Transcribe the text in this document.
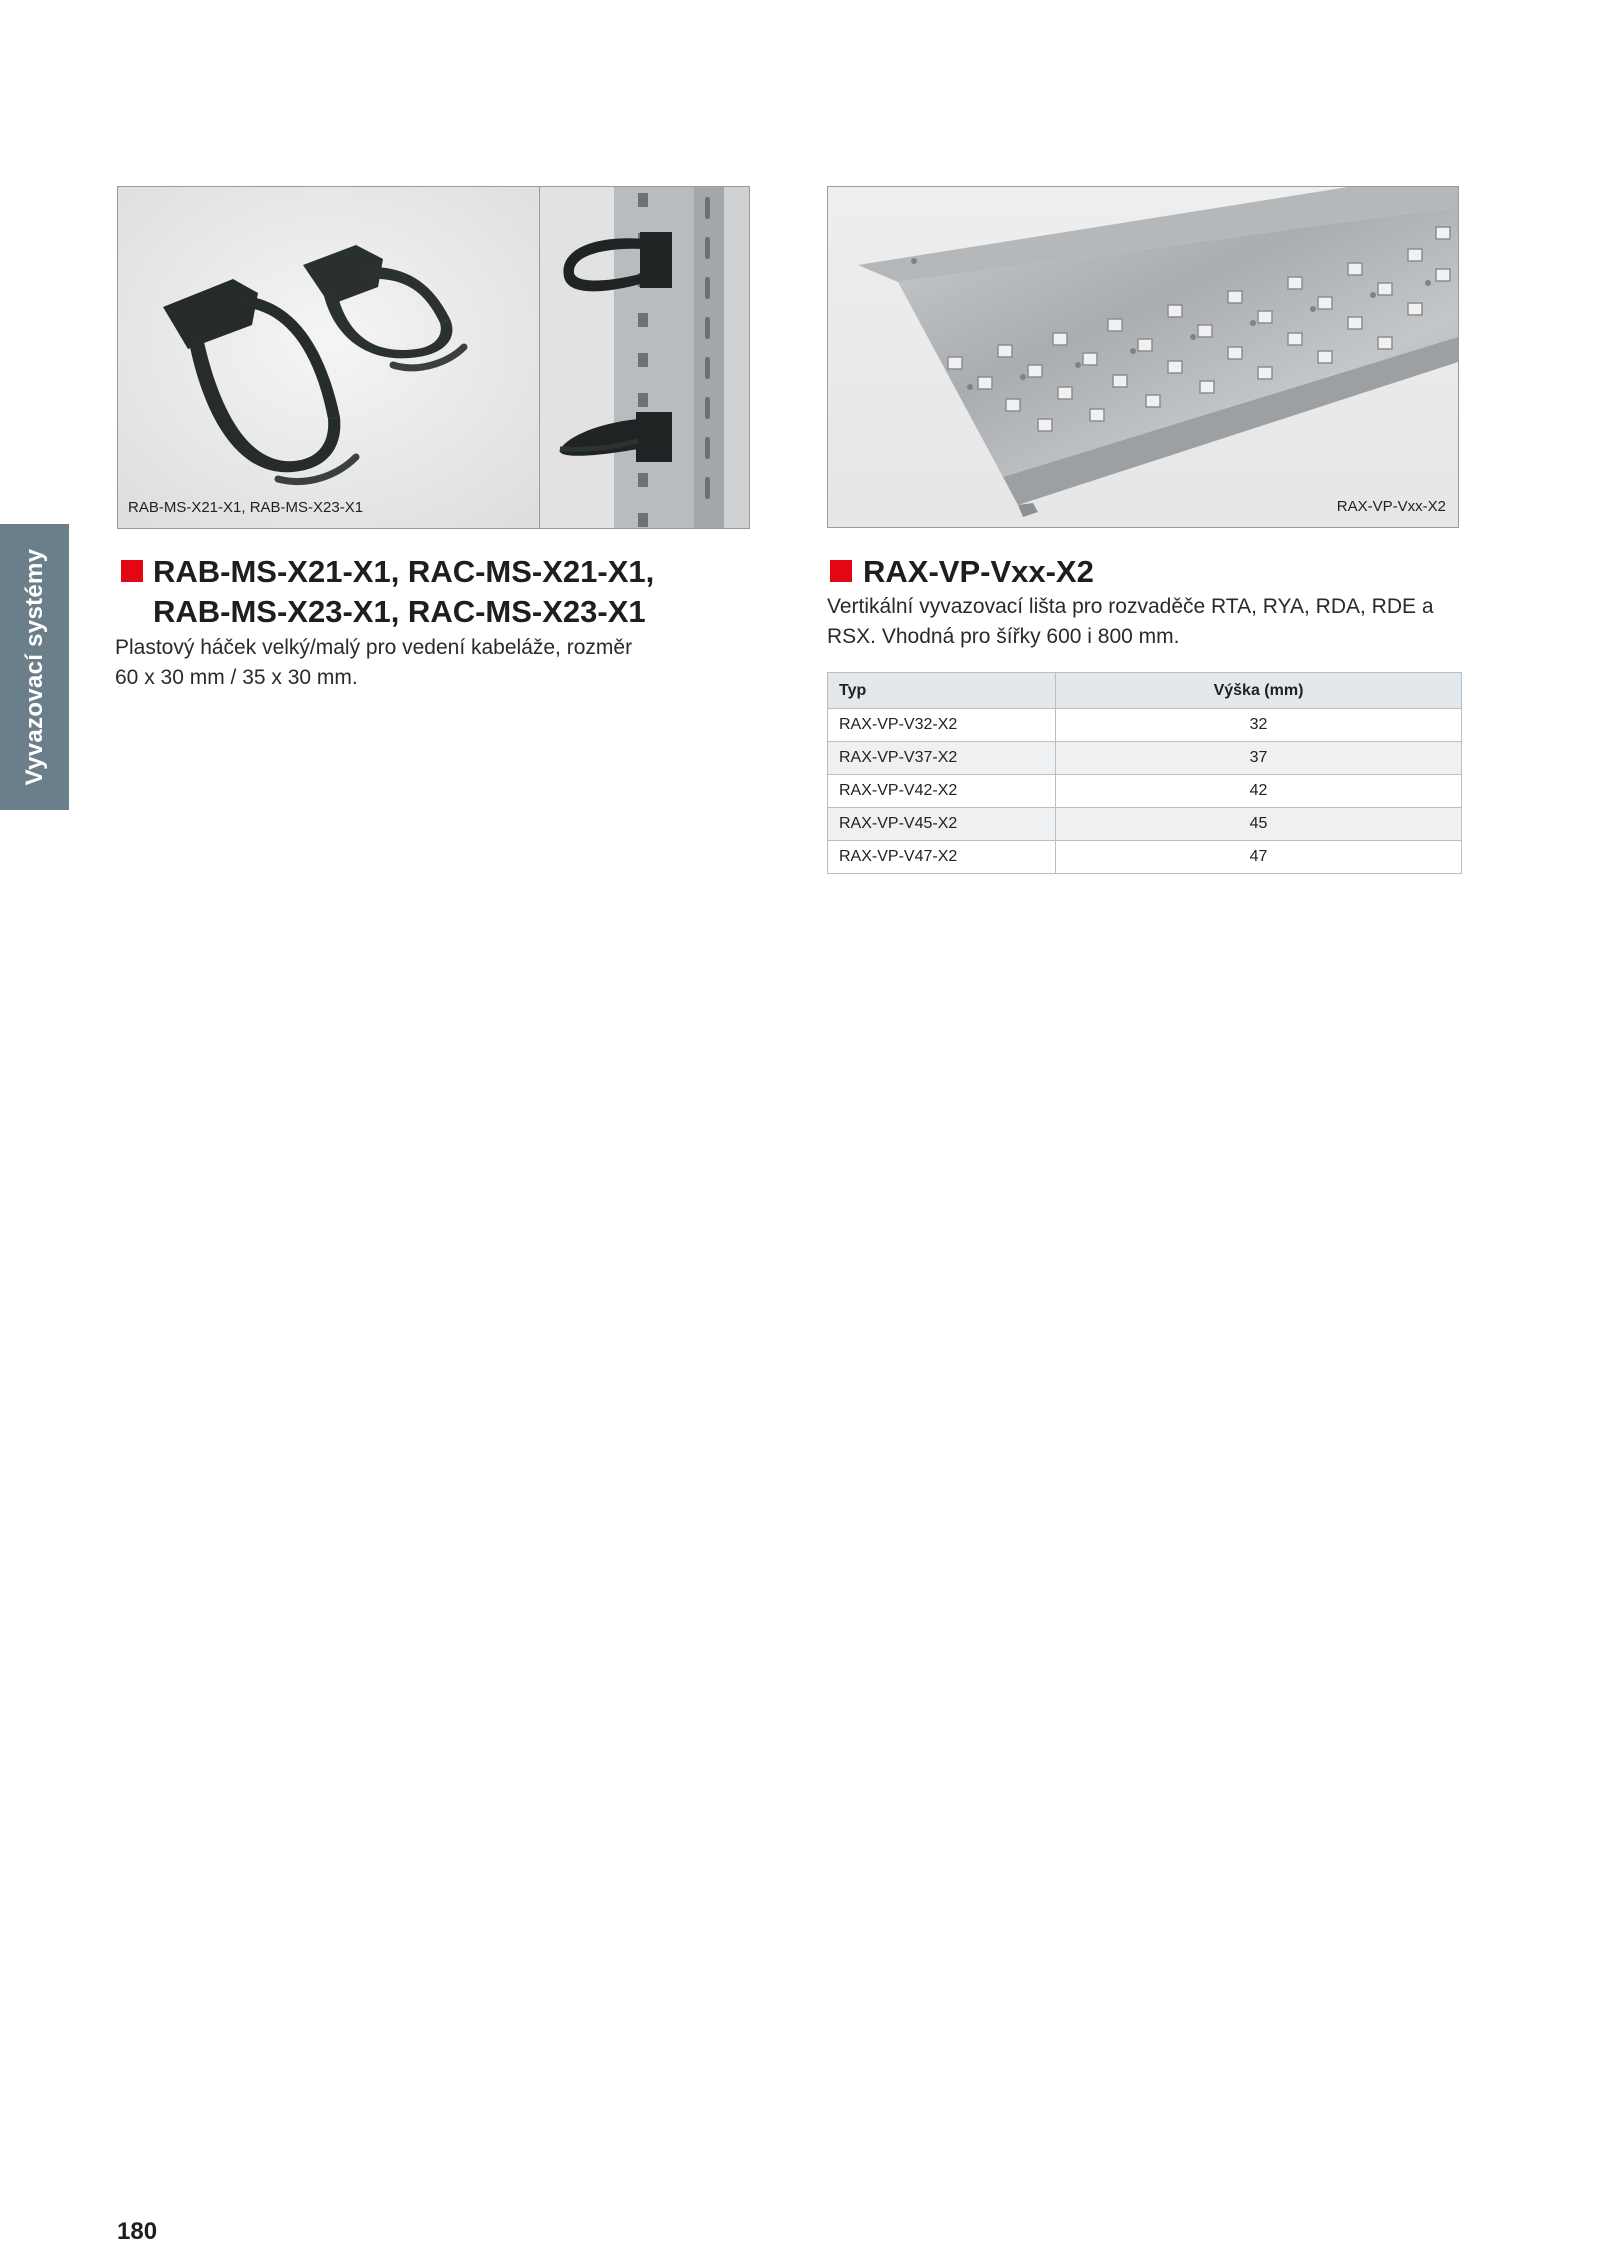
Vyvazovací systémy
RAB-MS-X21-X1, RAB-MS-X23-X1	RAX-VP-Vxx-X2
RAB-MS-X21-X1, RAC-MS-X21-X1,
RAB-MS-X23-X1, RAC-MS-X23-X1
Plastový háček velký/malý pro vedení kabeláže, rozměr
60 x 30 mm / 35 x 30 mm.
RAX-VP-Vxx-X2
Vertikální vyvazovací lišta pro rozvaděče RTA, RYA, RDA, RDE a
RSX. Vhodná pro šířky 600 i 800 mm.
Typ	Výška (mm)
RAX-VP-V32-X2	32
RAX-VP-V37-X2	37
RAX-VP-V42-X2	42
RAX-VP-V45-X2	45
RAX-VP-V47-X2	47
180
